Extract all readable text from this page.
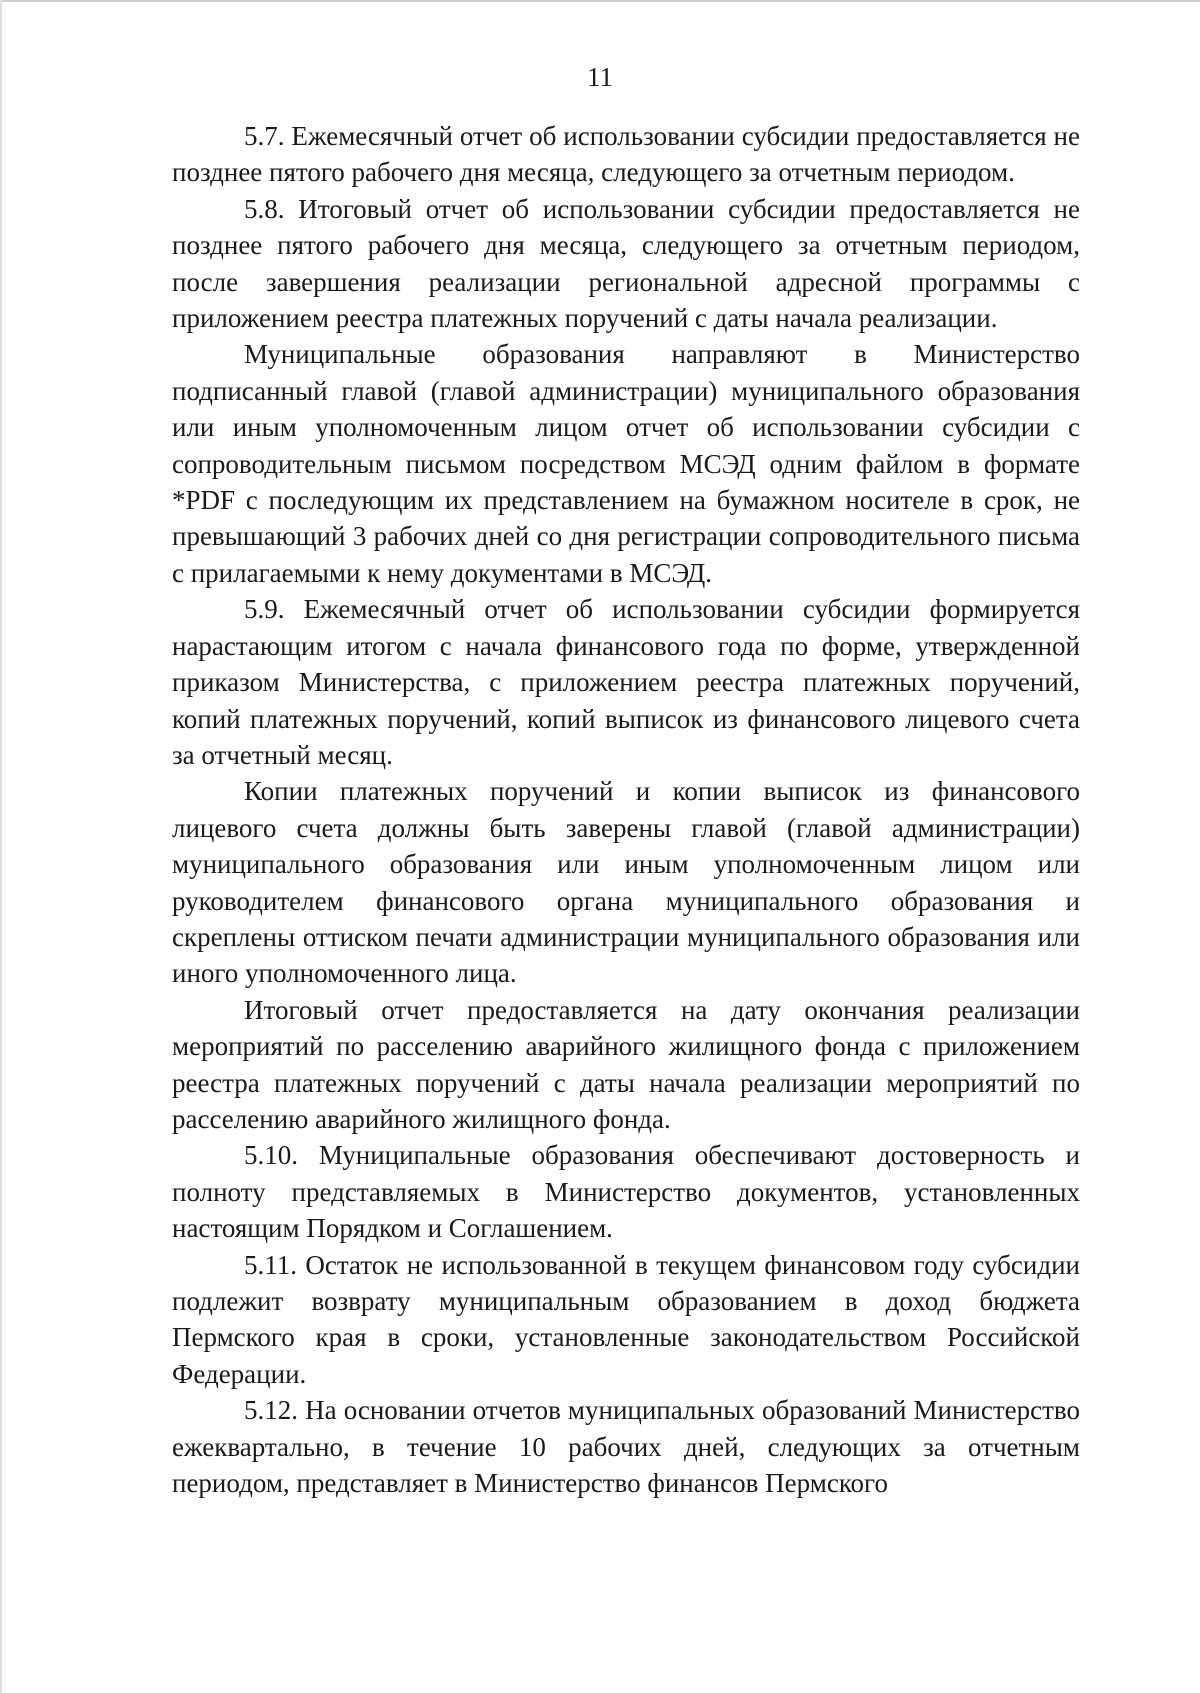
11

5.7. Ежемесячный отчет об использовании субсидии предоставляется не позднее пятого рабочего дня месяца, следующего за отчетным периодом.

5.8. Итоговый отчет об использовании субсидии предоставляется не позднее пятого рабочего дня месяца, следующего за отчетным периодом, после завершения реализации региональной адресной программы с приложением реестра платежных поручений с даты начала реализации.

Муниципальные образования направляют в Министерство подписанный главой (главой администрации) муниципального образования или иным уполномоченным лицом отчет об использовании субсидии с сопроводительным письмом посредством МСЭД одним файлом в формате *PDF с последующим их представлением на бумажном носителе в срок, не превышающий 3 рабочих дней со дня регистрации сопроводительного письма с прилагаемыми к нему документами в МСЭД.

5.9. Ежемесячный отчет об использовании субсидии формируется нарастающим итогом с начала финансового года по форме, утвержденной приказом Министерства, с приложением реестра платежных поручений, копий платежных поручений, копий выписок из финансового лицевого счета за отчетный месяц.

Копии платежных поручений и копии выписок из финансового лицевого счета должны быть заверены главой (главой администрации) муниципального образования или иным уполномоченным лицом или руководителем финансового органа муниципального образования и скреплены оттиском печати администрации муниципального образования или иного уполномоченного лица.

Итоговый отчет предоставляется на дату окончания реализации мероприятий по расселению аварийного жилищного фонда с приложением реестра платежных поручений с даты начала реализации мероприятий по расселению аварийного жилищного фонда.

5.10. Муниципальные образования обеспечивают достоверность и полноту представляемых в Министерство документов, установленных настоящим Порядком и Соглашением.

5.11. Остаток не использованной в текущем финансовом году субсидии подлежит возврату муниципальным образованием в доход бюджета Пермского края в сроки, установленные законодательством Российской Федерации.

5.12. На основании отчетов муниципальных образований Министерство ежеквартально, в течение 10 рабочих дней, следующих за отчетным периодом, представляет в Министерство финансов Пермского
